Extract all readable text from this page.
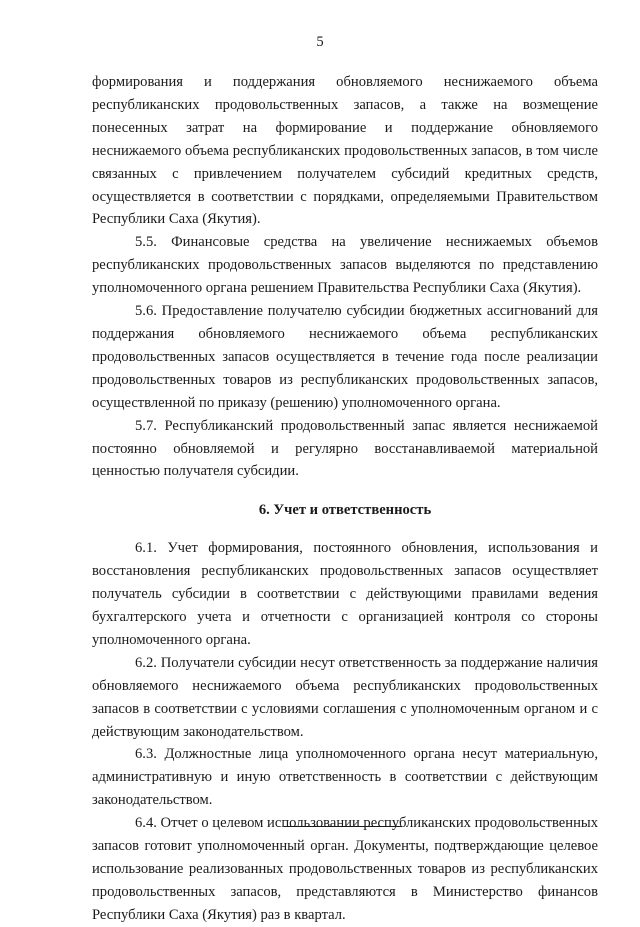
5

формирования и поддержания обновляемого неснижаемого объема республиканских продовольственных запасов, а также на возмещение понесенных затрат на формирование и поддержание обновляемого неснижаемого объема республиканских продовольственных запасов, в том числе связанных с привлечением получателем субсидий кредитных средств, осуществляется в соответствии с порядками, определяемыми Правительством Республики Саха (Якутия).

5.5. Финансовые средства на увеличение неснижаемых объемов республиканских продовольственных запасов выделяются по представлению уполномоченного органа решением Правительства Республики Саха (Якутия).

5.6. Предоставление получателю субсидии бюджетных ассигнований для поддержания обновляемого неснижаемого объема республиканских продовольственных запасов осуществляется в течение года после реализации продовольственных товаров из республиканских продовольственных запасов, осуществленной по приказу (решению) уполномоченного органа.

5.7. Республиканский продовольственный запас является неснижаемой постоянно обновляемой и регулярно восстанавливаемой материальной ценностью получателя субсидии.

6. Учет и ответственность

6.1. Учет формирования, постоянного обновления, использования и восстановления республиканских продовольственных запасов осуществляет получатель субсидии в соответствии с действующими правилами ведения бухгалтерского учета и отчетности с организацией контроля со стороны уполномоченного органа.

6.2. Получатели субсидии несут ответственность за поддержание наличия обновляемого неснижаемого объема республиканских продовольственных запасов в соответствии с условиями соглашения с уполномоченным органом и с действующим законодательством.

6.3. Должностные лица уполномоченного органа несут материальную, административную и иную ответственность в соответствии с действующим законодательством.

6.4. Отчет о целевом использовании республиканских продовольственных запасов готовит уполномоченный орган. Документы, подтверждающие целевое использование реализованных продовольственных товаров из республиканских продовольственных запасов, представляются в Министерство финансов Республики Саха (Якутия) раз в квартал.
